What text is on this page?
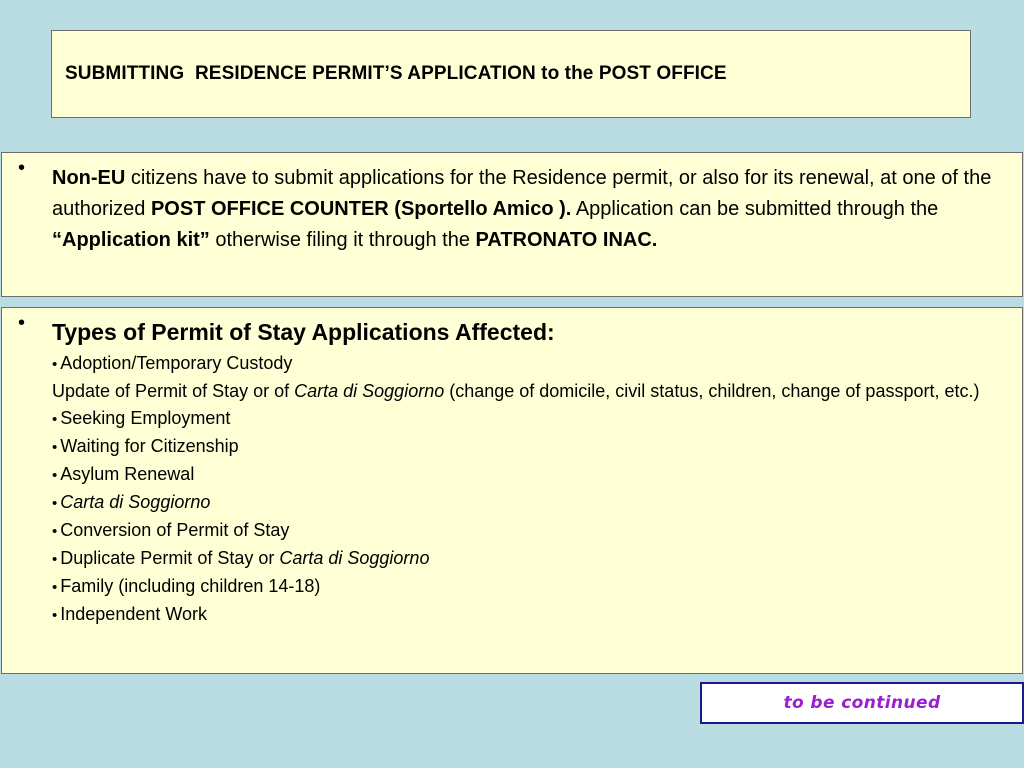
SUBMITTING  RESIDENCE PERMIT’S APPLICATION to the POST OFFICE
• Non-EU citizens have to submit applications for the Residence permit, or also for its renewal, at one of the authorized POST OFFICE COUNTER (Sportello Amico ). Application can be submitted through the “Application kit” otherwise filing it through the PATRONATO INAC.
• Types of Permit of Stay Applications Affected:
• Adoption/Temporary Custody
Update of Permit of Stay or of Carta di Soggiorno (change of domicile, civil status, children, change of passport, etc.)
• Seeking Employment
• Waiting for Citizenship
• Asylum Renewal
• Carta di Soggiorno
• Conversion of Permit of Stay
• Duplicate Permit of Stay or Carta di Soggiorno
• Family (including children 14-18)
• Independent Work
to be continued
